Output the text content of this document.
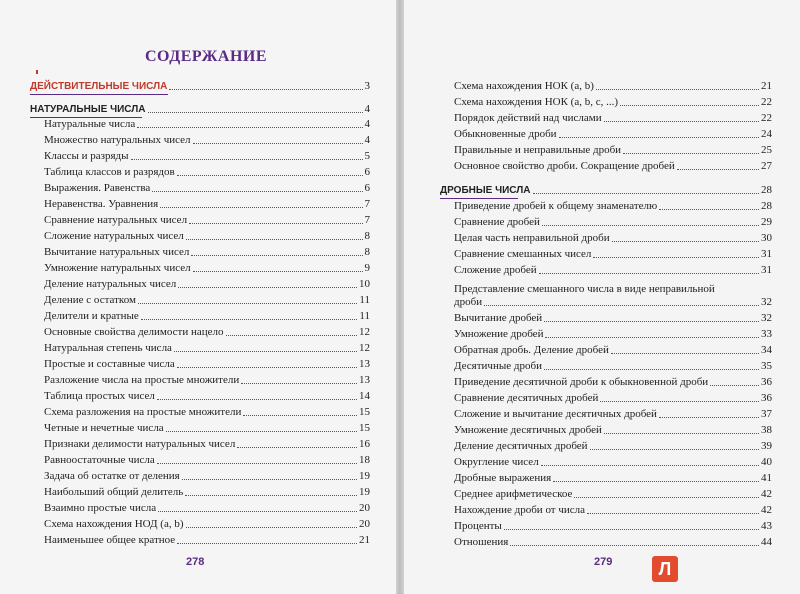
СОДЕРЖАНИЕ
ДЕЙСТВИТЕЛЬНЫЕ ЧИСЛА	3
НАТУРАЛЬНЫЕ ЧИСЛА	4
Натуральные числа	4
Множество натуральных чисел	4
Классы и разряды	5
Таблица классов и разрядов	6
Выражения. Равенства	6
Неравенства. Уравнения	7
Сравнение натуральных чисел	7
Сложение натуральных чисел	8
Вычитание натуральных чисел	8
Умножение натуральных чисел	9
Деление натуральных чисел	10
Деление с остатком	11
Делители и кратные	11
Основные свойства делимости нацело	12
Натуральная степень числа	12
Простые и составные числа	13
Разложение числа на простые множители	13
Таблица простых чисел	14
Схема разложения на простые множители	15
Четные и нечетные числа	15
Признаки делимости натуральных чисел	16
Равноостаточные числа	18
Задача об остатке от деления	19
Наибольший общий делитель	19
Взаимно простые числа	20
Схема нахождения НОД (a, b)	20
Наименьшее общее кратное	21
278
Схема нахождения НОК (a, b)	21
Схема нахождения НОК (a, b, c, ...)	22
Порядок действий над числами	22
Обыкновенные дроби	24
Правильные и неправильные дроби	25
Основное свойство дроби. Сокращение дробей	27
ДРОБНЫЕ ЧИСЛА	28
Приведение дробей к общему знаменателю	28
Сравнение дробей	29
Целая часть неправильной дроби	30
Сравнение смешанных чисел	31
Сложение дробей	31
Представление смешанного числа в виде неправильной
дроби	32
Вычитание дробей	32
Умножение дробей	33
Обратная дробь. Деление дробей	34
Десятичные дроби	35
Приведение десятичной дроби к обыкновенной дроби	36
Сравнение десятичных дробей	36
Сложение и вычитание десятичных дробей	37
Умножение десятичных дробей	38
Деление десятичных дробей	39
Округление чисел	40
Дробные выражения	41
Среднее арифметическое	42
Нахождение дроби от числа	42
Проценты	43
Отношения	44
279	Л
